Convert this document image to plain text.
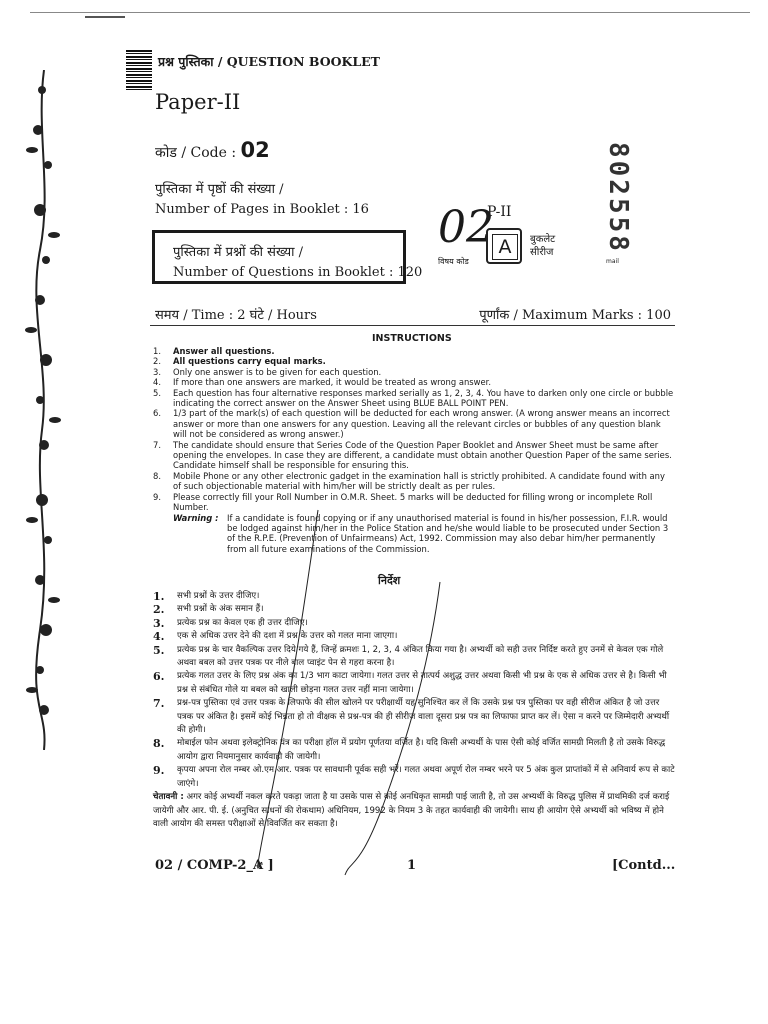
प्रश्न पुस्तिका / QUESTION BOOKLET
Paper-II
कोड / Code : 02
पुस्तिका में पृष्ठों की संख्या /
Number of Pages in Booklet : 16
पुस्तिका में प्रश्नों की संख्या /
Number of Questions in Booklet : 120
02
विषय कोड
P-II
A	बुकलेट
सीरीज 802558
mail
समय / Time : 2 घंटे / Hours	पूर्णांक / Maximum Marks : 100
INSTRUCTIONS
1. Answer all questions.
2. All questions carry equal marks.
3. Only one answer is to be given for each question.
4. If more than one answers are marked, it would be treated as wrong answer.
5. Each question has four alternative responses marked serially as 1, 2, 3, 4. You have to darken only one circle or bubble indicating the correct answer on the Answer Sheet using BLUE BALL POINT PEN.
6. 1/3 part of the mark(s) of each question will be deducted for each wrong answer. (A wrong answer means an incorrect answer or more than one answers for any question. Leaving all the relevant circles or bubbles of any question blank will not be considered as wrong answer.)
7. The candidate should ensure that Series Code of the Question Paper Booklet and Answer Sheet must be same after opening the envelopes. In case they are different, a candidate must obtain another Question Paper of the same series. Candidate himself shall be responsible for ensuring this.
8. Mobile Phone or any other electronic gadget in the examination hall is strictly prohibited. A candidate found with any of such objectionable material with him/her will be strictly dealt as per rules.
9. Please correctly fill your Roll Number in O.M.R. Sheet. 5 marks will be deducted for filling wrong or incomplete Roll Number.
Warning :	If a candidate is found copying or if any unauthorised material is found in his/her possession, F.I.R. would be lodged against him/her in the Police Station and he/she would liable to be prosecuted under Section 3 of the R.P.E. (Prevention of Unfairmeans) Act, 1992. Commission may also debar him/her permanently from all future examinations of the Commission.
निर्देश
1. सभी प्रश्नों के उत्तर दीजिए।
2. सभी प्रश्नों के अंक समान हैं।
3. प्रत्येक प्रश्न का केवल एक ही उत्तर दीजिए।
4. एक से अधिक उत्तर देने की दशा में प्रश्न के उत्तर को गलत माना जाएगा।
5. प्रत्येक प्रश्न के चार वैकल्पिक उत्तर दिये गये हैं, जिन्हें क्रमशः 1, 2, 3, 4 अंकित किया गया है। अभ्यर्थी को सही उत्तर निर्दिष्ट करते हुए उनमें से केवल एक गोले अथवा बबल को उत्तर पत्रक पर नीले बाल प्वाइंट पेन से गहरा करना है।
6. प्रत्येक गलत उत्तर के लिए प्रश्न अंक का 1/3 भाग काटा जायेगा। गलत उत्तर से तात्पर्य अशुद्ध उत्तर अथवा किसी भी प्रश्न के एक से अधिक उत्तर से है। किसी भी प्रश्न से संबंधित गोले या बबल को खाली छोड़ना गलत उत्तर नहीं माना जायेगा।
7. प्रश्न-पत्र पुस्तिका एवं उत्तर पत्रक के लिफाफे की सील खोलने पर परीक्षार्थी यह सुनिश्चित कर लें कि उसके प्रश्न पत्र पुस्तिका पर वही सीरीज अंकित है जो उत्तर पत्रक पर अंकित है। इसमें कोई भिन्नता हो तो वीक्षक से प्रश्न-पत्र की ही सीरीज वाला दूसरा प्रश्न पत्र का लिफाफा प्राप्त कर लें। ऐसा न करने पर जिम्मेदारी अभ्यर्थी की होगी।
8. मोबाईल फोन अथवा इलेक्ट्रोनिक यंत्र का परीक्षा हॉल में प्रयोग पूर्णतया वर्जित है। यदि किसी अभ्यर्थी के पास ऐसी कोई वर्जित सामग्री मिलती है तो उसके विरुद्ध आयोग द्वारा नियमानुसार कार्यवाही की जायेगी।
9. कृपया अपना रोल नम्बर ओ.एम.आर. पत्रक पर सावधानी पूर्वक सही भरें। गलत अथवा अपूर्ण रोल नम्बर भरने पर 5 अंक कुल प्राप्तांकों में से अनिवार्य रूप से काटे जाएंगे।
चेतावनी : अगर कोई अभ्यर्थी नकल करते पकड़ा जाता है या उसके पास से कोई अनधिकृत सामग्री पाई जाती है, तो उस अभ्यर्थी के विरुद्ध पुलिस में प्राथमिकी दर्ज कराई जायेगी और आर. पी. ई. (अनुचित साधनों की रोकथाम) अधिनियम, 1992 के नियम 3 के तहत कार्यवाही की जायेगी। साथ ही आयोग ऐसे अभ्यर्थी को भविष्य में होने वाली आयोग की समस्त परीक्षाओं से विवर्जित कर सकता है।
02 / COMP-2_A ]	1	[Contd...
